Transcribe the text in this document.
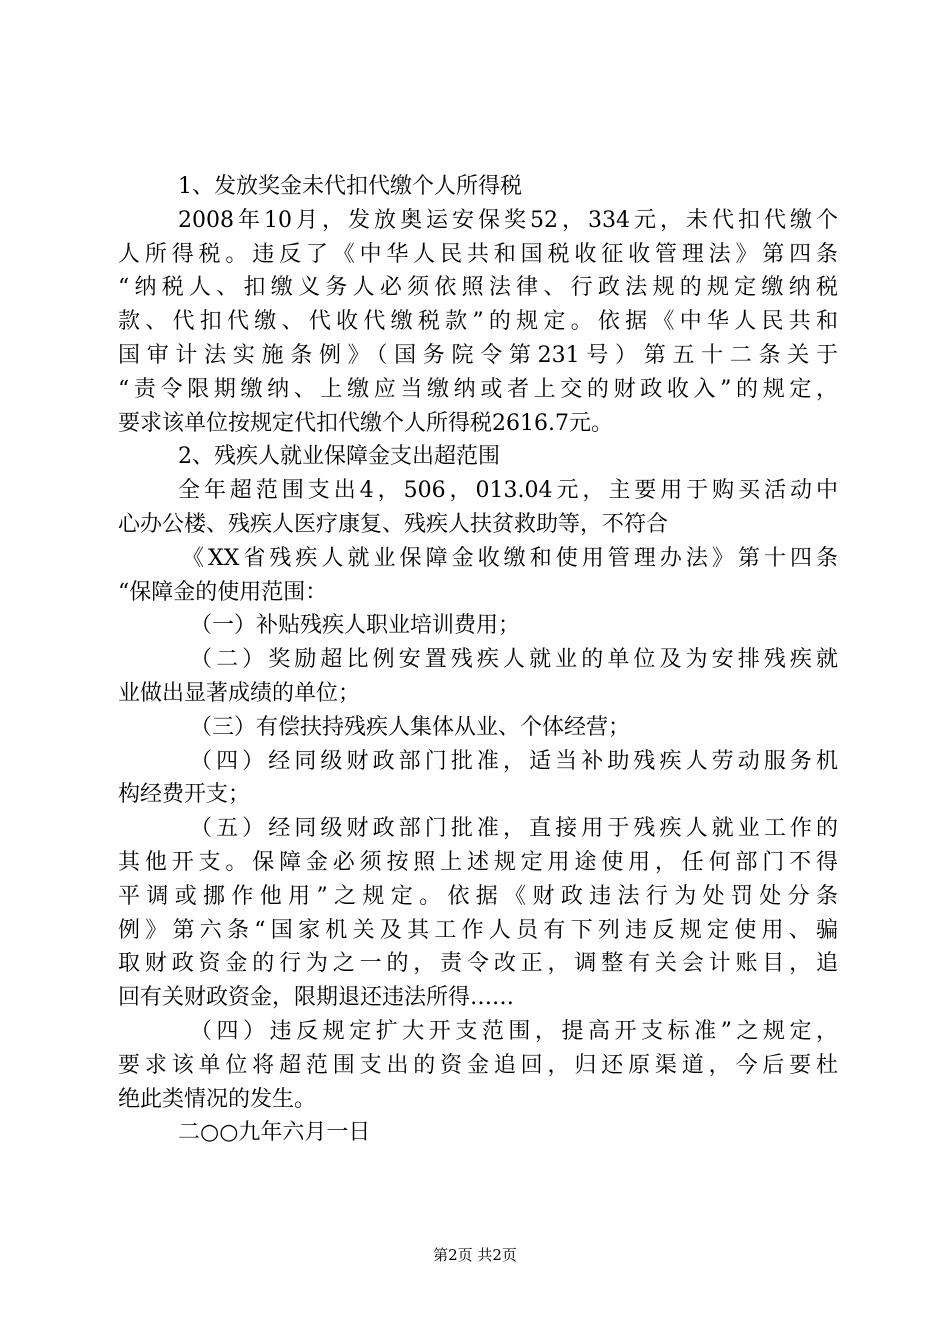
1、发放奖金未代扣代缴个人所得税
2008年10月，发放奥运安保奖52，334元，未代扣代缴个
人所得税。违反了《中华人民共和国税收征收管理法》第四条
“纳税人、扣缴义务人必须依照法律、行政法规的规定缴纳税
款、代扣代缴、代收代缴税款”的规定。依据《中华人民共和
国审计法实施条例》（国务院令第231号）第五十二条关于
“责令限期缴纳、上缴应当缴纳或者上交的财政收入”的规定，
要求该单位按规定代扣代缴个人所得税2616.7元。
2、残疾人就业保障金支出超范围
全年超范围支出4，506，013.04元，主要用于购买活动中
心办公楼、残疾人医疗康复、残疾人扶贫救助等，不符合
《XX省残疾人就业保障金收缴和使用管理办法》第十四条
“保障金的使用范围：
（一）补贴残疾人职业培训费用；
（二）奖励超比例安置残疾人就业的单位及为安排残疾就
业做出显著成绩的单位；
（三）有偿扶持残疾人集体从业、个体经营；
（四）经同级财政部门批准，适当补助残疾人劳动服务机
构经费开支；
（五）经同级财政部门批准，直接用于残疾人就业工作的
其他开支。保障金必须按照上述规定用途使用，任何部门不得
平调或挪作他用”之规定。依据《财政违法行为处罚处分条
例》第六条“国家机关及其工作人员有下列违反规定使用、骗
取财政资金的行为之一的，责令改正，调整有关会计账目，追
回有关财政资金，限期退还违法所得……
（四）违反规定扩大开支范围，提高开支标准”之规定，
要求该单位将超范围支出的资金追回，归还原渠道，今后要杜
绝此类情况的发生。
二○○九年六月一日
第2页 共2页
